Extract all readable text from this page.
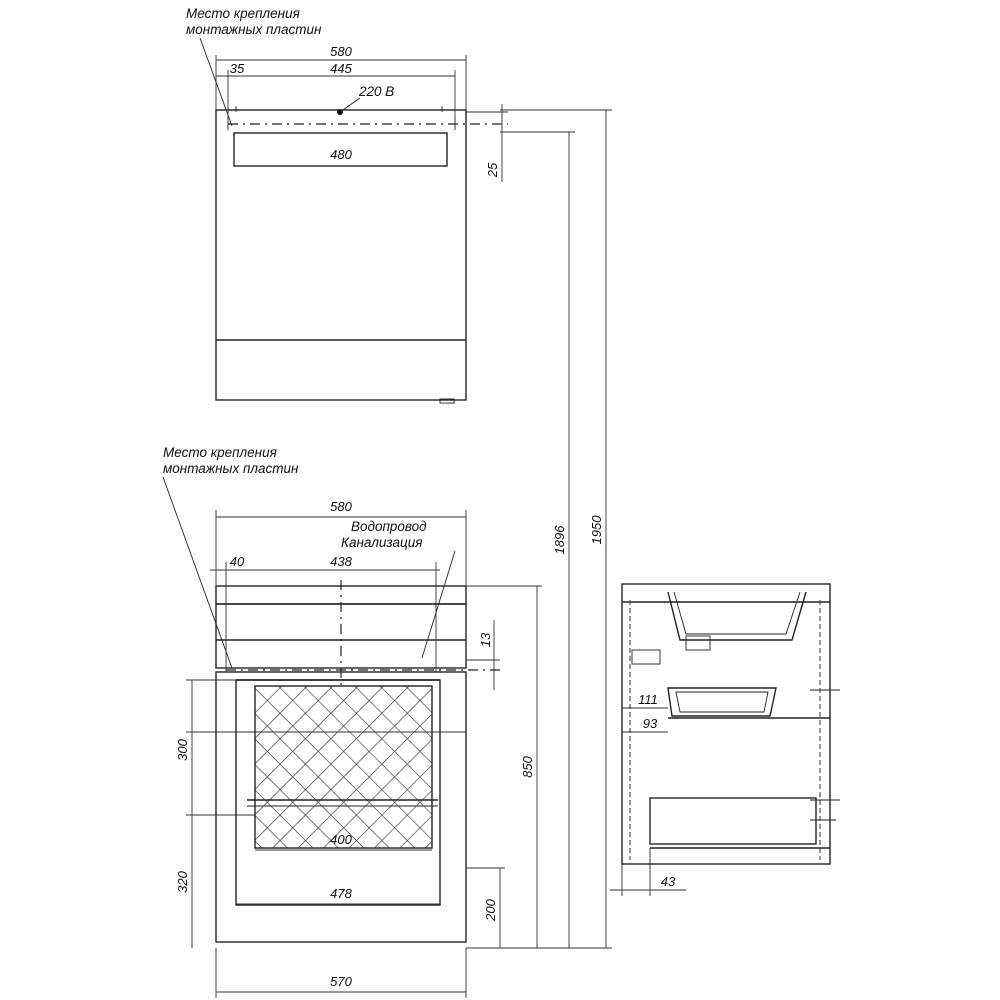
Место крепления
монтажных пластин
220 В
580
35	445
480
25
Место крепления
монтажных пластин
Водопровод
Канализация
580
40	438
13
300
320
400
478
200
850
570
1896 1950
111
93
43
